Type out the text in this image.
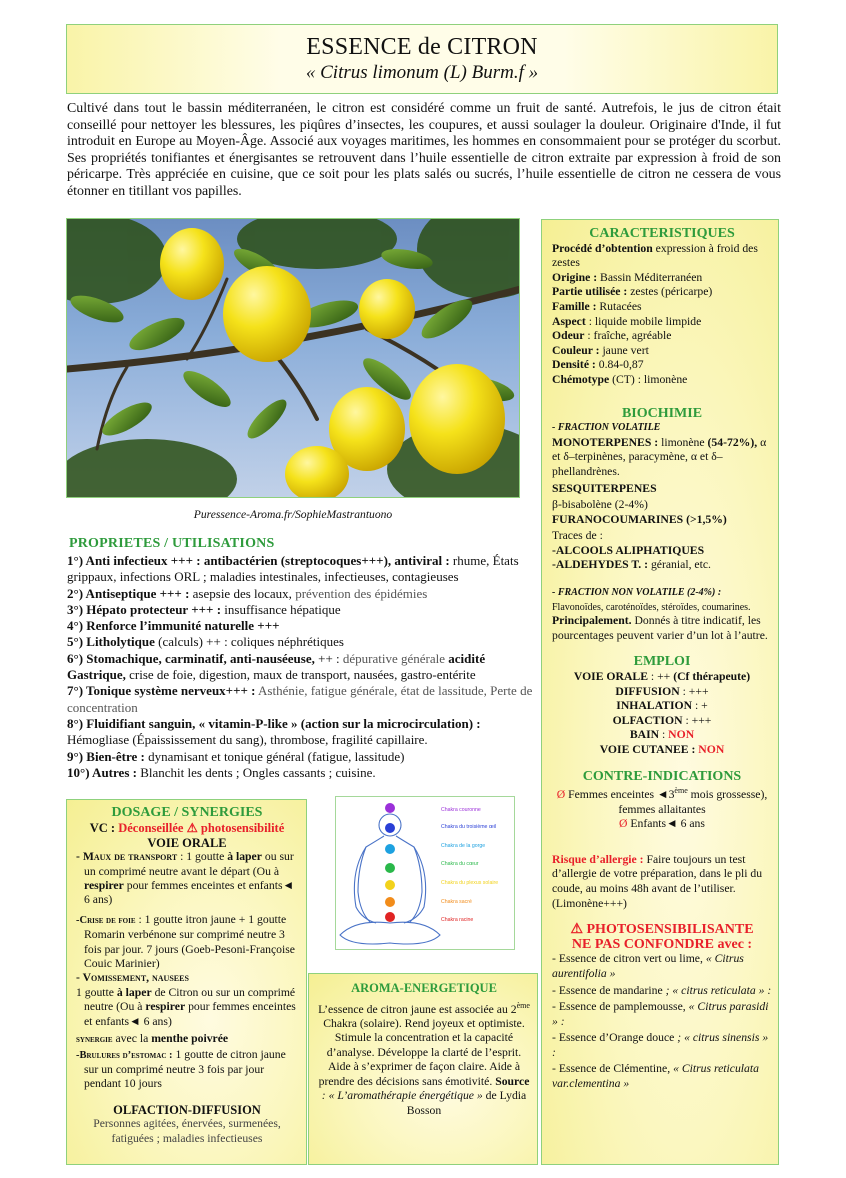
ESSENCE de CITRON
« Citrus limonum (L) Burm.f »
Cultivé dans tout le bassin méditerranéen, le citron est considéré comme un fruit de santé. Autrefois, le jus de citron était conseillé pour nettoyer les blessures, les piqûres d’insectes, les coupures, et aussi soulager la douleur. Originaire d'Inde, il fut introduit en Europe au Moyen-Âge. Associé aux voyages maritimes, les hommes en consommaient pour se protéger du scorbut. Ses propriétés tonifiantes et énergisantes se retrouvent dans l’huile essentielle de citron extraite par expression à froid de son péricarpe. Très appréciée en cuisine, que ce soit pour les plats salés ou sucrés, l’huile essentielle de citron ne cessera de vous étonner en titillant vos papilles.
Puressence-Aroma.fr/SophieMastrantuono
PROPRIETES / UTILISATIONS

1°) Anti infectieux +++ : antibactérien (streptocoques+++), antiviral : rhume, États grippaux, infections ORL ; maladies intestinales, infectieuses, contagieuses

2°) Antiseptique +++ : asepsie des locaux, prévention des épidémies

3°) Hépato protecteur +++ : insuffisance hépatique

4°) Renforce l’immunité naturelle +++

5°) Litholytique (calculs) ++ : coliques néphrétiques

6°) Stomachique, carminatif, anti-nauséeuse, ++ : dépurative générale acidité Gastrique, crise de foie, digestion, maux de transport, nausées, gastro-entérite

7°) Tonique système nerveux+++ : Asthénie, fatigue générale, état de lassitude, Perte de concentration

8°) Fluidifiant sanguin, « vitamin-P-like » (action sur la microcirculation) : Hémogliase (Épaississement du sang), thrombose, fragilité capillaire.

9°) Bien-être : dynamisant et tonique général (fatigue, lassitude)

10°) Autres : Blanchit les dents ; Ongles cassants ; cuisine.

CARACTERISTIQUES
Procédé d’obtention expression à froid des zestes
Origine : Bassin Méditerranéen
Partie utilisée : zestes (péricarpe)
Famille : Rutacées
Aspect : liquide mobile limpide
Odeur : fraîche, agréable
Couleur : jaune vert
Densité : 0.84-0,87
Chémotype (CT) : limonène
BIOCHIMIE
- FRACTION VOLATILE
MONOTERPENES : limonène (54-72%), α et δ–terpinènes, paracymène, α et δ–phellandrènes.
SESQUITERPENES
β-bisabolène (2-4%)
FURANOCOUMARINES (>1,5%)
Traces de :
-ALCOOLS ALIPHATIQUES
-ALDEHYDES T. : géranial, etc.
- FRACTION NON VOLATILE (2-4%) :
Flavonoïdes, caroténoïdes, stéroïdes, coumarines.
Principalement. Donnés à titre indicatif, les pourcentages peuvent varier d’un lot à l’autre.
EMPLOI
VOIE ORALE : ++ (Cf thérapeute)
DIFFUSION : +++
INHALATION : +
OLFACTION : +++
BAIN : NON
VOIE CUTANEE : NON
CONTRE-INDICATIONS
Ø Femmes enceintes ◄3ème mois grossesse), femmes allaitantes
Ø Enfants◄ 6 ans
Risque d’allergie : Faire toujours un test d’allergie de votre préparation, dans le pli du coude, au moins 48h avant de l’utiliser. (Limonène+++)
⚠ PHOTOSENSIBILISANTE
NE PAS CONFONDRE avec :
- Essence de citron vert ou lime, « Citrus aurentifolia »
- Essence de mandarine ; « citrus reticulata » :
- Essence de pamplemousse, « Citrus parasidi » :
- Essence d’Orange douce ; « citrus sinensis » :
- Essence de Clémentine, « Citrus reticulata var.clementina »
DOSAGE / SYNERGIES
VC : Déconseillée ⚠ photosensibilité
VOIE ORALE
- Maux de transport : 1 goutte à laper ou sur un comprimé neutre avant le départ (Ou à respirer pour femmes enceintes et enfants◄ 6 ans)
-Crise de foie : 1 goutte itron jaune + 1 goutte Romarin verbénone sur comprimé neutre 3 fois par jour. 7 jours (Goeb-Pesoni-Françoise Couic Marinier)
- Vomissement, nausees
1 goutte à laper de Citron ou sur un comprimé neutre (Ou à respirer pour femmes enceintes et enfants◄ 6 ans)
synergie avec la menthe poivrée
-Brulures d’estomac : 1 goutte de citron jaune sur un comprimé neutre 3 fois par jour pendant 10 jours
OLFACTION-DIFFUSION
Personnes agitées, énervées, surmenées, fatiguées ; maladies infectieuses
Chakra couronne
Chakra du troisième œil
Chakra de la gorge
Chakra du cœur
Chakra du plexus solaire
Chakra sacré
Chakra racine
AROMA-ENERGETIQUE
L’essence de citron jaune est associée au 2ème Chakra (solaire). Rend joyeux et optimiste. Stimule la concentration et la capacité d’analyse. Développe la clarté de l’esprit. Aide à s’exprimer de façon claire. Aide à prendre des décisions sans émotivité. Source : « L’aromathérapie énergétique » de Lydia Bosson
